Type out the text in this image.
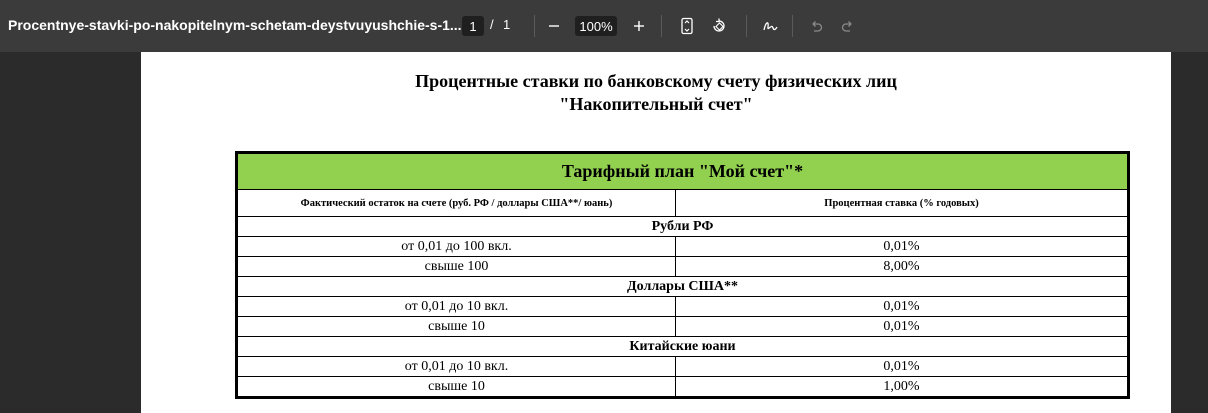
Procentnye-stavki-po-nakopitelnym-schetam-deystvuyushchie-s-1... 1	/ 1	100%
Процентные ставки по банковскому счету физических лиц
"Накопительный счет"
Тарифный план "Мой счет"*	
Фактический остаток на счете (руб. РФ / доллары США**/ юань)	Процентная ставка (% годовых)
Рубли РФ	
от 0,01 до 100 вкл.	0,01%
свыше 100	8,00%
Доллары США**	
от 0,01 до 10 вкл.	0,01%
свыше 10	0,01%
Китайские юани	
от 0,01 до 10 вкл.	0,01%
свыше 10	1,00%
